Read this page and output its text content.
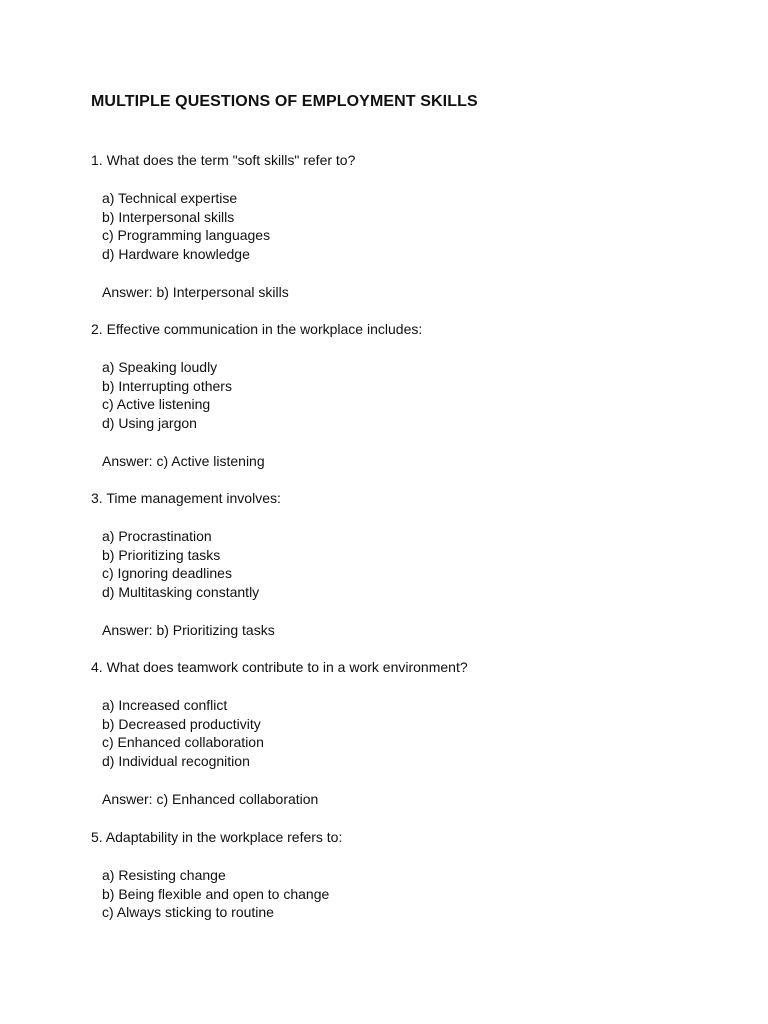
MULTIPLE QUESTIONS OF EMPLOYMENT SKILLS
1. What does the term "soft skills" refer to?
a) Technical expertise
b) Interpersonal skills
c) Programming languages
d) Hardware knowledge
Answer: b) Interpersonal skills
2. Effective communication in the workplace includes:
a) Speaking loudly
b) Interrupting others
c) Active listening
d) Using jargon
Answer: c) Active listening
3. Time management involves:
a) Procrastination
b) Prioritizing tasks
c) Ignoring deadlines
d) Multitasking constantly
Answer: b) Prioritizing tasks
4. What does teamwork contribute to in a work environment?
a) Increased conflict
b) Decreased productivity
c) Enhanced collaboration
d) Individual recognition
Answer: c) Enhanced collaboration
5. Adaptability in the workplace refers to:
a) Resisting change
b) Being flexible and open to change
c) Always sticking to routine
